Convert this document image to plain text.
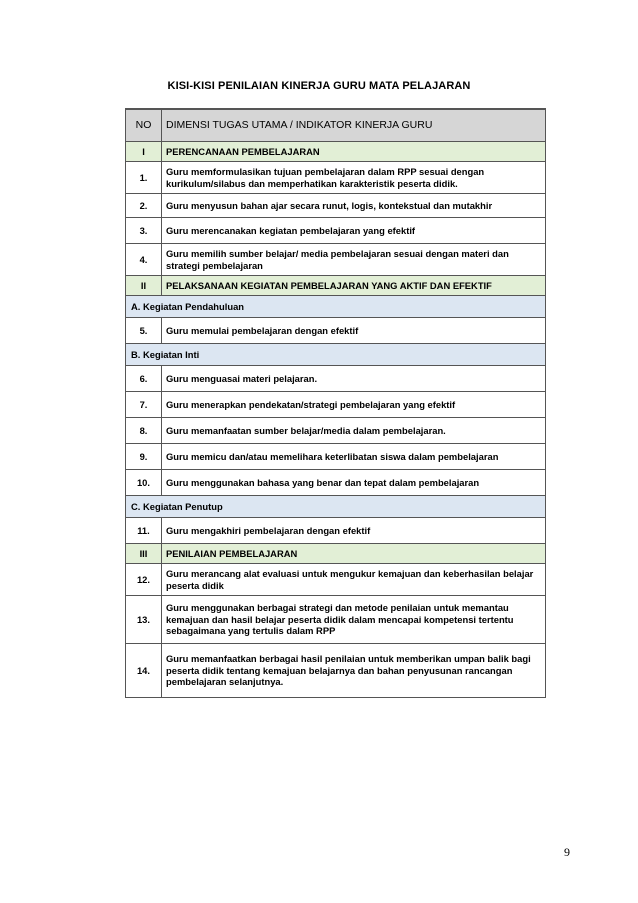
KISI-KISI PENILAIAN KINERJA GURU MATA PELAJARAN
NO	DIMENSI TUGAS UTAMA / INDIKATOR KINERJA GURU
I	PERENCANAAN PEMBELAJARAN
1.	Guru memformulasikan tujuan pembelajaran dalam RPP sesuai dengan kurikulum/silabus dan memperhatikan karakteristik peserta didik.
2.	Guru menyusun bahan ajar secara runut, logis, kontekstual dan mutakhir
3.	Guru merencanakan kegiatan pembelajaran yang efektif
4.	Guru memilih sumber belajar/ media pembelajaran sesuai dengan materi dan strategi pembelajaran
II	PELAKSANAAN KEGIATAN PEMBELAJARAN YANG AKTIF DAN EFEKTIF
A. Kegiatan Pendahuluan	
5.	Guru memulai pembelajaran dengan efektif
B. Kegiatan Inti	
6.	Guru menguasai materi pelajaran.
7.	Guru menerapkan pendekatan/strategi pembelajaran yang efektif
8.	Guru memanfaatan sumber belajar/media dalam pembelajaran.
9.	Guru memicu dan/atau memelihara keterlibatan siswa dalam pembelajaran
10.	Guru menggunakan bahasa yang benar dan tepat dalam pembelajaran
C. Kegiatan Penutup	
11.	Guru mengakhiri pembelajaran dengan efektif
III	PENILAIAN PEMBELAJARAN
12.	Guru merancang alat evaluasi untuk mengukur kemajuan dan keberhasilan belajar peserta didik
13.	Guru menggunakan berbagai strategi dan metode penilaian untuk memantau kemajuan dan hasil belajar peserta didik dalam mencapai kompetensi tertentu sebagaimana yang tertulis dalam RPP
14.	Guru memanfaatkan berbagai hasil penilaian untuk memberikan umpan balik bagi peserta didik tentang kemajuan belajarnya dan bahan penyusunan rancangan pembelajaran selanjutnya.
9
